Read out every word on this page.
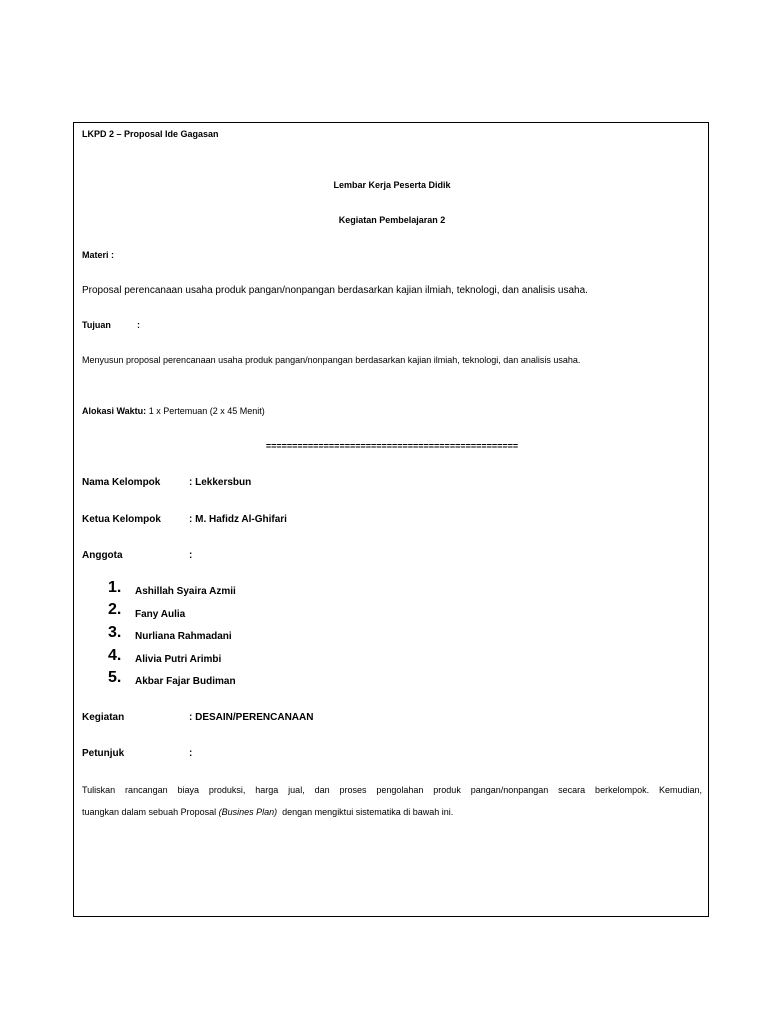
LKPD 2 – Proposal Ide Gagasan
Lembar Kerja Peserta Didik
Kegiatan Pembelajaran 2
Materi :
Proposal perencanaan usaha produk pangan/nonpangan berdasarkan kajian ilmiah, teknologi, dan analisis usaha.
Tujuan	:
Menyusun proposal perencanaan usaha produk pangan/nonpangan berdasarkan kajian ilmiah, teknologi, dan analisis usaha.
Alokasi Waktu: 1 x Pertemuan (2 x 45 Menit)
================================================
Nama Kelompok	: Lekkersbun
Ketua Kelompok	: M. Hafidz Al-Ghifari
Anggota	:
1. Ashillah Syaira Azmii
2. Fany Aulia
3. Nurliana Rahmadani
4. Alivia Putri Arimbi
5. Akbar Fajar Budiman
Kegiatan	: DESAIN/PERENCANAAN
Petunjuk	:
Tuliskan rancangan biaya produksi, harga jual, dan proses pengolahan produk pangan/nonpangan secara berkelompok. Kemudian,
tuangkan dalam sebuah Proposal (Busines Plan)  dengan mengiktui sistematika di bawah ini.
